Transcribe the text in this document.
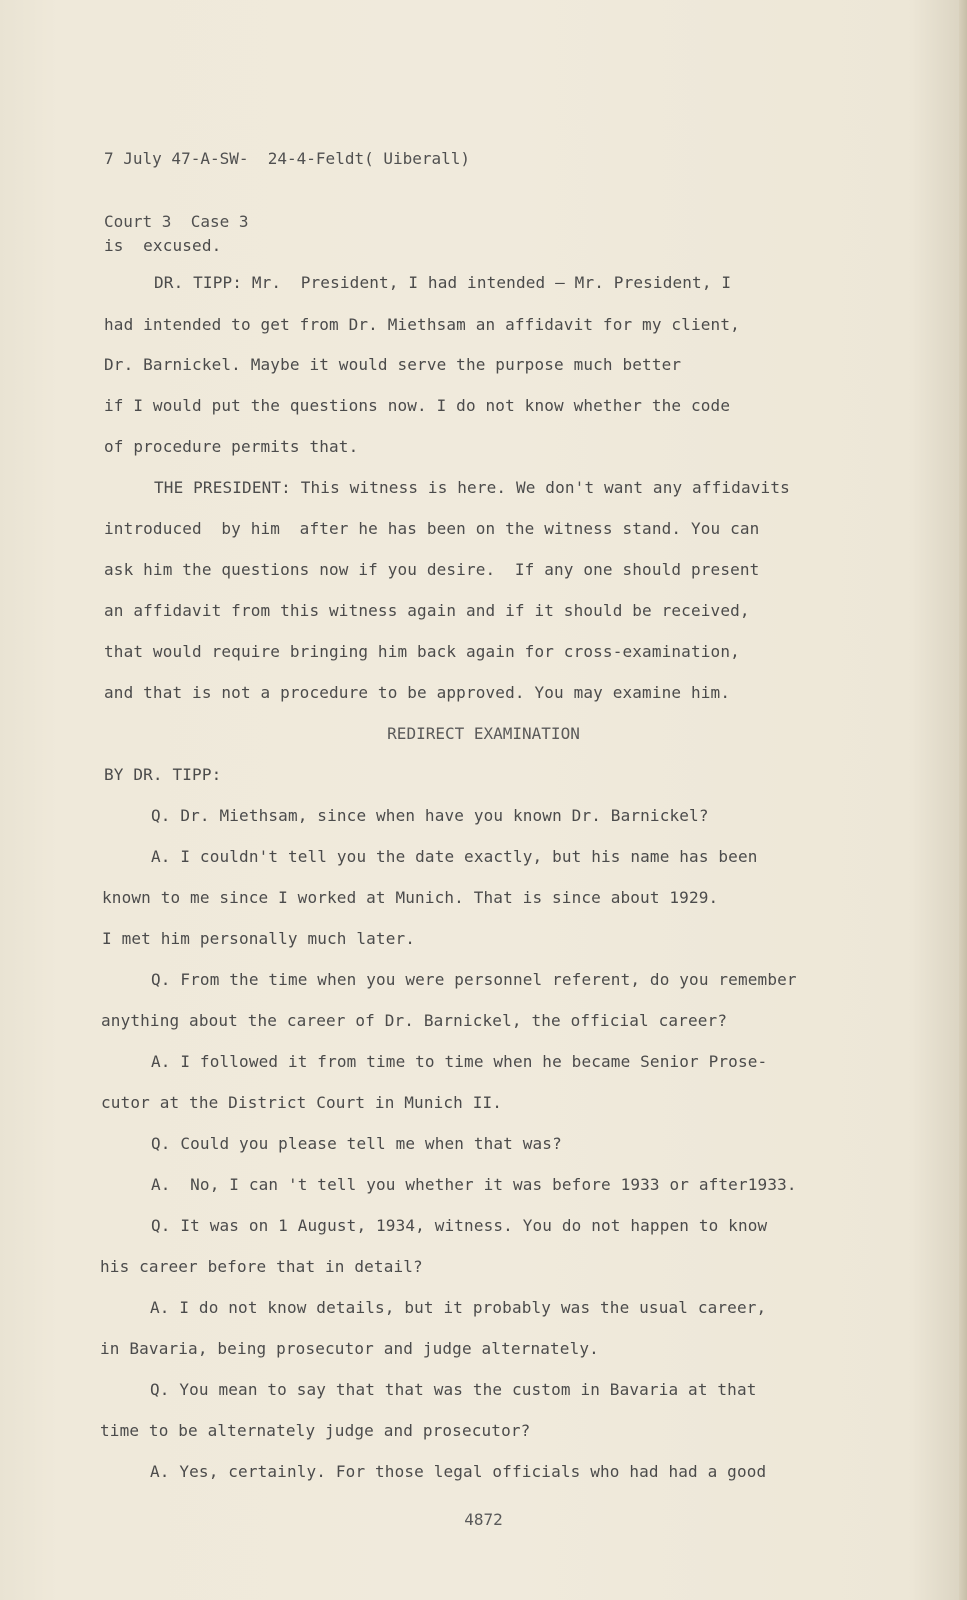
7 July 47-A-SW-  24-4-Feldt( Uiberall)

Court 3  Case 3

is  excused.
DR. TIPP: Mr.  President, I had intended — Mr. President, I
had intended to get from Dr. Miethsam an affidavit for my client,
Dr. Barnickel. Maybe it would serve the purpose much better
if I would put the questions now. I do not know whether the code
of procedure permits that.
THE PRESIDENT: This witness is here. We don't want any affidavits
introduced  by him  after he has been on the witness stand. You can
ask him the questions now if you desire.  If any one should present
an affidavit from this witness again and if it should be received,
that would require bringing him back again for cross-examination,
and that is not a procedure to be approved. You may examine him.
REDIRECT EXAMINATION
BY DR. TIPP:
Q. Dr. Miethsam, since when have you known Dr. Barnickel?
A. I couldn't tell you the date exactly, but his name has been
known to me since I worked at Munich. That is since about 1929.
I met him personally much later.
Q. From the time when you were personnel referent, do you remember
anything about the career of Dr. Barnickel, the official career?
A. I followed it from time to time when he became Senior Prose-
cutor at the District Court in Munich II.
Q. Could you please tell me when that was?
A.  No, I can 't tell you whether it was before 1933 or after1933.
Q. It was on 1 August, 1934, witness. You do not happen to know
his career before that in detail?
A. I do not know details, but it probably was the usual career,
in Bavaria, being prosecutor and judge alternately.
Q. You mean to say that that was the custom in Bavaria at that
time to be alternately judge and prosecutor?
A. Yes, certainly. For those legal officials who had had a good
4872
